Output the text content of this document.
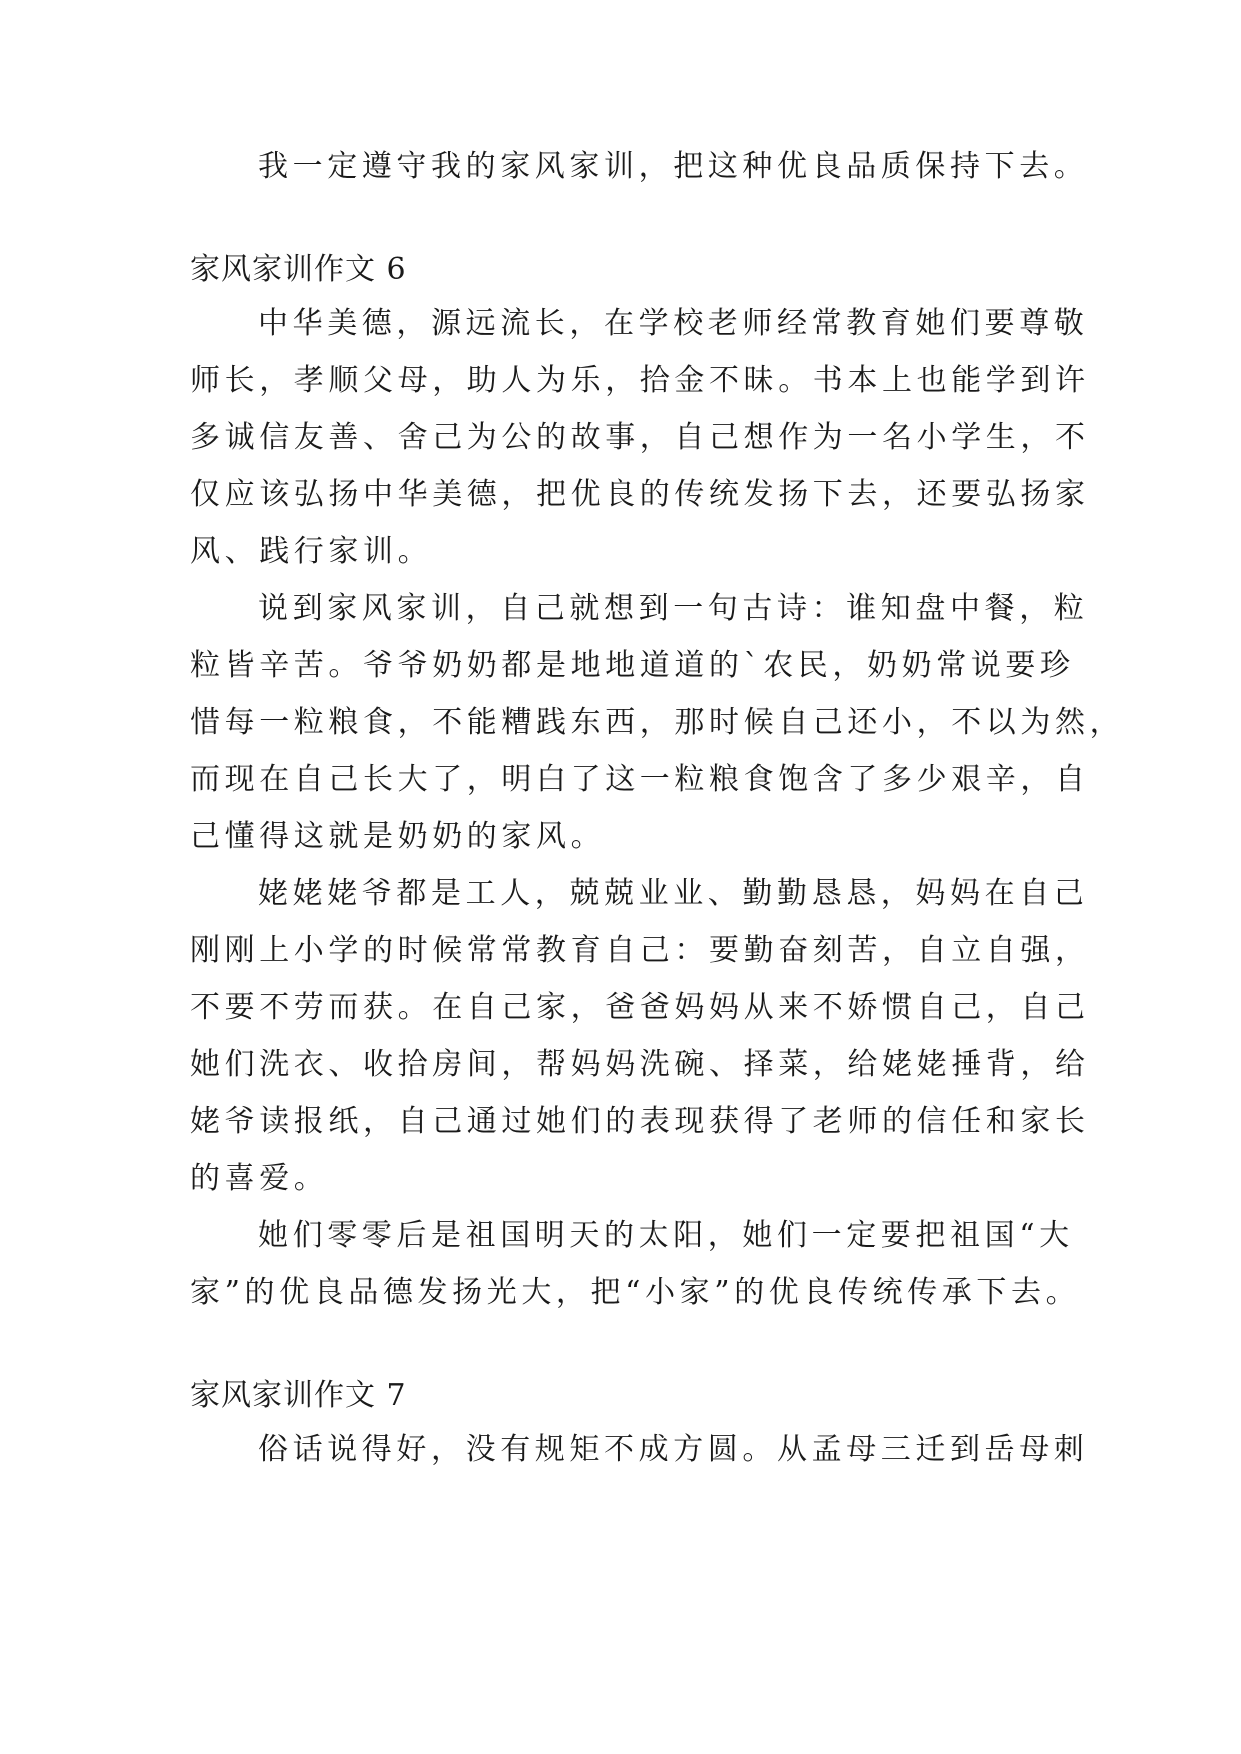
我一定遵守我的家风家训，把这种优良品质保持下去。
家风家训作文 6
中华美德，源远流长，在学校老师经常教育她们要尊敬
师长，孝顺父母，助人为乐，拾金不昧。书本上也能学到许
多诚信友善、舍己为公的故事，自己想作为一名小学生，不
仅应该弘扬中华美德，把优良的传统发扬下去，还要弘扬家
风、践行家训。
说到家风家训，自己就想到一句古诗：谁知盘中餐，粒
粒皆辛苦。爷爷奶奶都是地地道道的`农民，奶奶常说要珍
惜每一粒粮食，不能糟践东西，那时候自己还小，不以为然，
而现在自己长大了，明白了这一粒粮食饱含了多少艰辛，自
己懂得这就是奶奶的家风。
姥姥姥爷都是工人，兢兢业业、勤勤恳恳，妈妈在自己
刚刚上小学的时候常常教育自己：要勤奋刻苦，自立自强，
不要不劳而获。在自己家，爸爸妈妈从来不娇惯自己，自己
她们洗衣、收拾房间，帮妈妈洗碗、择菜，给姥姥捶背，给
姥爷读报纸，自己通过她们的表现获得了老师的信任和家长
的喜爱。
她们零零后是祖国明天的太阳，她们一定要把祖国“大
家”的优良品德发扬光大，把“小家”的优良传统传承下去。
家风家训作文 7
俗话说得好，没有规矩不成方圆。从孟母三迁到岳母刺
